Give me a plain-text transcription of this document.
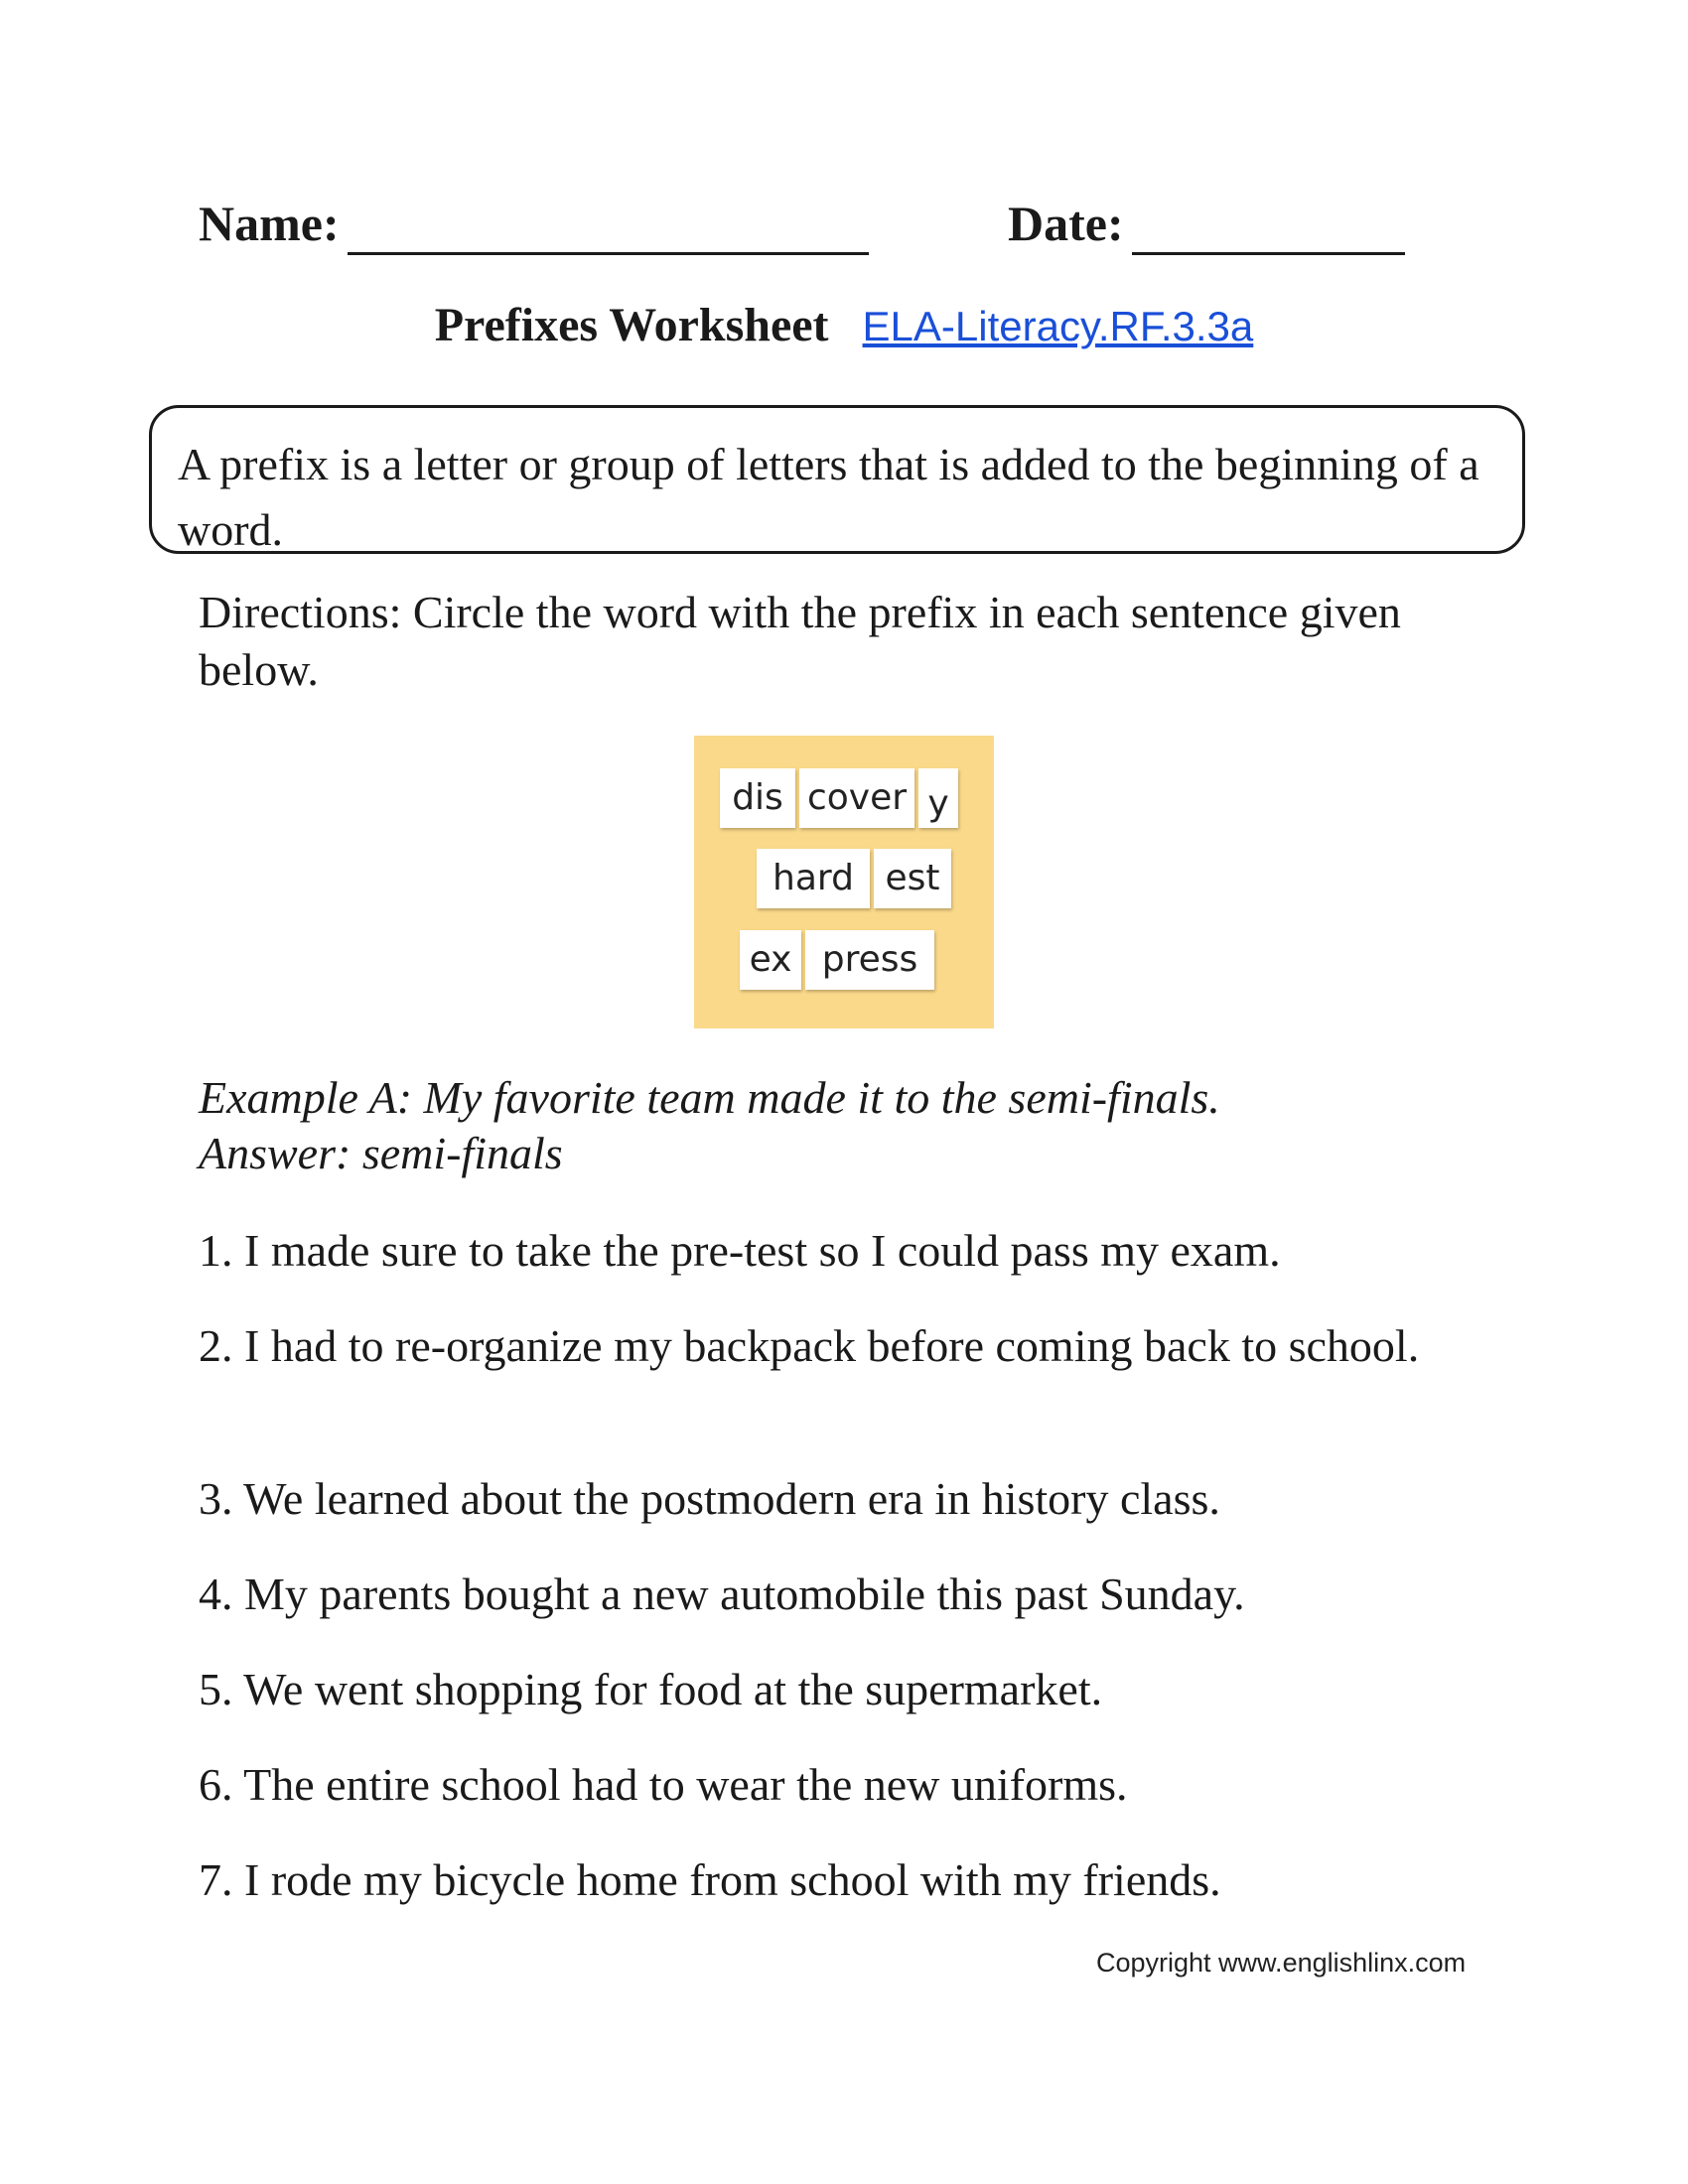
Name:	Date:
Prefixes Worksheet ELA-Literacy.RF.3.3a
A prefix is a letter or group of letters that is added to the beginning of a word.
Directions: Circle the word with the prefix in each sentence given below.
dis cover y
hard est
ex press
Example A: My favorite team made it to the semi-finals.
Answer: semi-finals
1. I made sure to take the pre-test so I could pass my exam.
2. I had to re-organize my backpack before coming back to school.
3. We learned about the postmodern era in history class.
4. My parents bought a new automobile this past Sunday.
5. We went shopping for food at the supermarket.
6. The entire school had to wear the new uniforms.
7. I rode my bicycle home from school with my friends.
Copyright www.englishlinx.com
